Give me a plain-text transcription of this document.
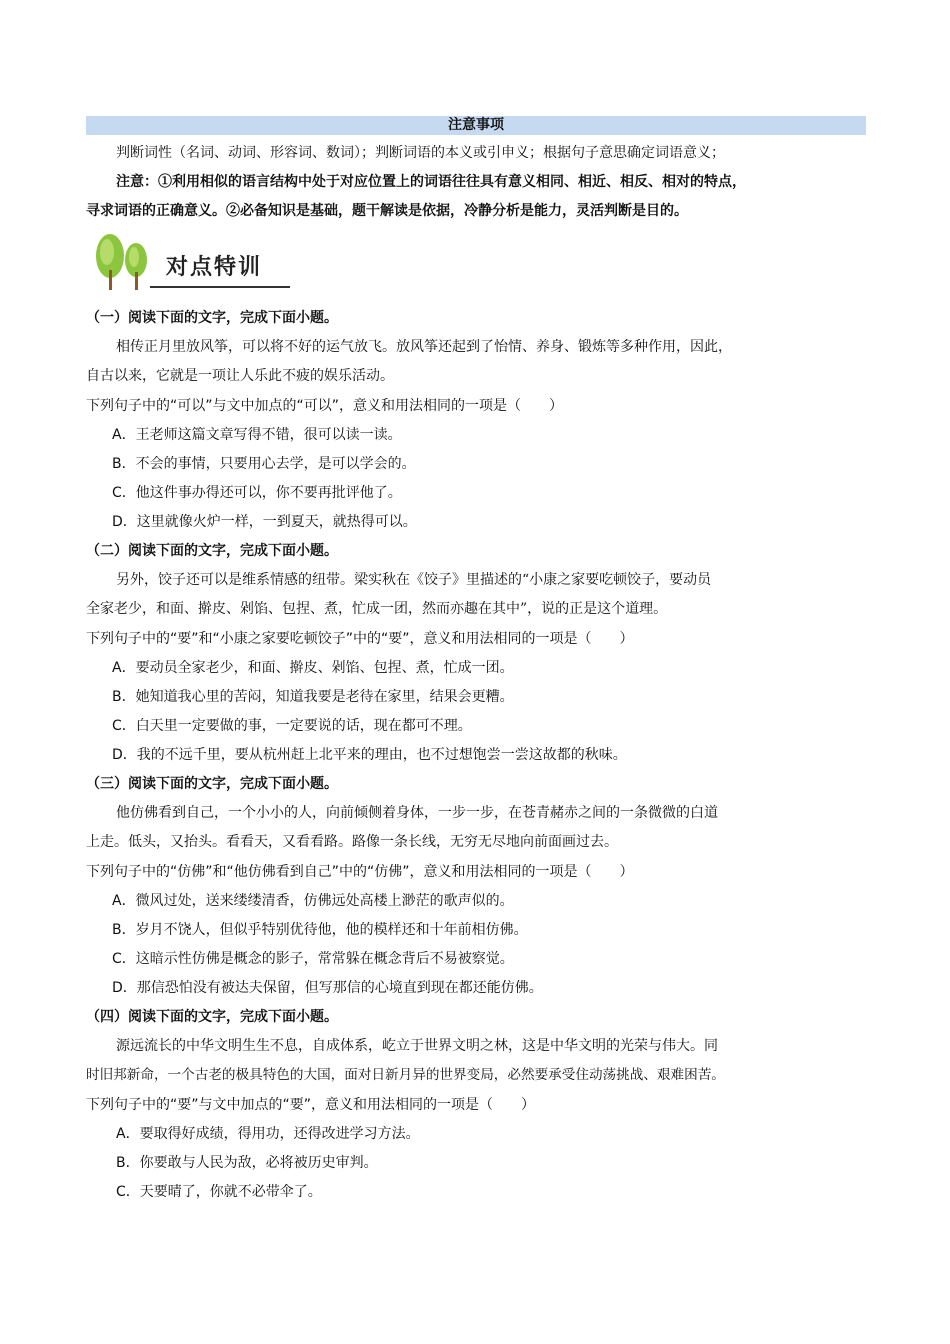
注意事项
判断词性（名词、动词、形容词、数词）；判断词语的本义或引申义；根据句子意思确定词语意义；
注意：①利用相似的语言结构中处于对应位置上的词语往往具有意义相同、相近、相反、相对的特点，
寻求词语的正确意义。②必备知识是基础，题干解读是依据，冷静分析是能力，灵活判断是目的。
对点特训
（一）阅读下面的文字，完成下面小题。
相传正月里放风筝，可以将不好的运气放飞。放风筝还起到了怡情、养身、锻炼等多种作用，因此，
自古以来，它就是一项让人乐此不疲的娱乐活动。
下列句子中的“可以”与文中加点的“可以”，意义和用法相同的一项是（　　）
A．王老师这篇文章写得不错，很可以读一读。
B．不会的事情，只要用心去学，是可以学会的。
C．他这件事办得还可以，你不要再批评他了。
D．这里就像火炉一样，一到夏天，就热得可以。
（二）阅读下面的文字，完成下面小题。
另外，饺子还可以是维系情感的纽带。梁实秋在《饺子》里描述的“小康之家要吃顿饺子，要动员
全家老少，和面、擀皮、剁馅、包捏、煮，忙成一团，然而亦趣在其中”，说的正是这个道理。
下列句子中的“要”和“小康之家要吃顿饺子”中的“要”，意义和用法相同的一项是（　　）
A．要动员全家老少，和面、擀皮、剁馅、包捏、煮，忙成一团。
B．她知道我心里的苦闷，知道我要是老待在家里，结果会更糟。
C．白天里一定要做的事，一定要说的话，现在都可不理。
D．我的不远千里，要从杭州赶上北平来的理由，也不过想饱尝一尝这故都的秋味。
（三）阅读下面的文字，完成下面小题。
他仿佛看到自己，一个小小的人，向前倾侧着身体，一步一步，在苍青赭赤之间的一条微微的白道
上走。低头，又抬头。看看天，又看看路。路像一条长线，无穷无尽地向前面画过去。
下列句子中的“仿佛”和“他仿佛看到自己”中的“仿佛”，意义和用法相同的一项是（　　）
A．微风过处，送来缕缕清香，仿佛远处高楼上渺茫的歌声似的。
B．岁月不饶人，但似乎特别优待他，他的模样还和十年前相仿佛。
C．这暗示性仿佛是概念的影子，常常躲在概念背后不易被察觉。
D．那信恐怕没有被达夫保留，但写那信的心境直到现在都还能仿佛。
（四）阅读下面的文字，完成下面小题。
源远流长的中华文明生生不息，自成体系，屹立于世界文明之林，这是中华文明的光荣与伟大。同
时旧邦新命，一个古老的极具特色的大国，面对日新月异的世界变局，必然要承受住动荡挑战、艰难困苦。
下列句子中的“要”与文中加点的“要”，意义和用法相同的一项是（　　）
A．要取得好成绩，得用功，还得改进学习方法。
B．你要敢与人民为敌，必将被历史审判。
C．天要晴了，你就不必带伞了。
